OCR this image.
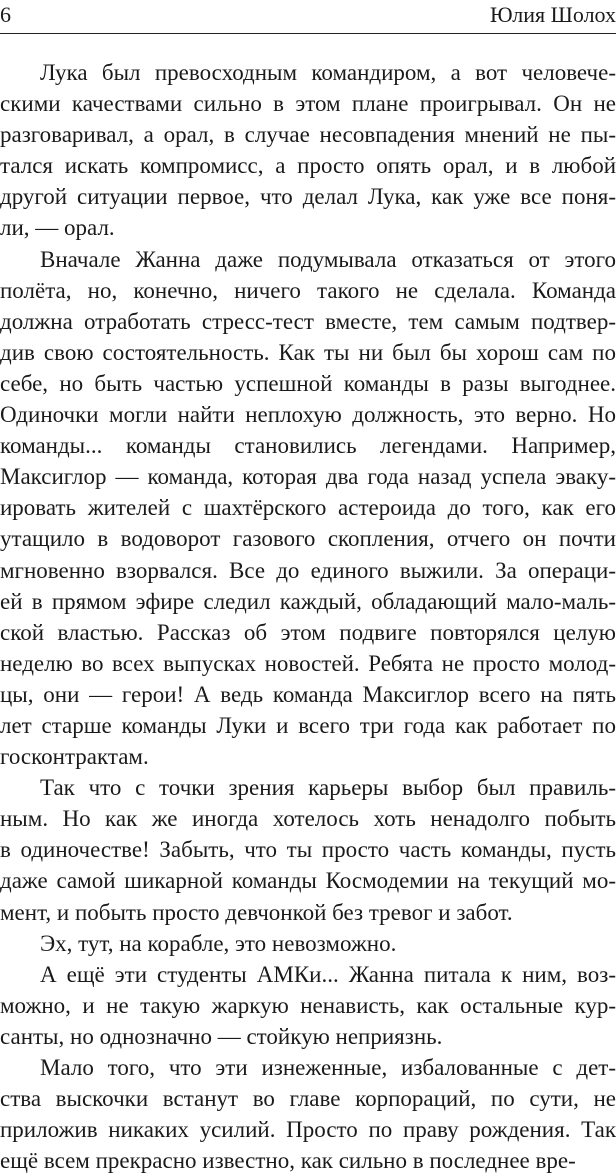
6	Юлия Шолох

Лука был превосходным командиром, а вот человече-
скими качествами сильно в этом плане проигрывал. Он не
разговаривал, а орал, в случае несовпадения мнений не пы-
тался искать компромисс, а просто опять орал, и в любой
другой ситуации первое, что делал Лука, как уже все поня-
ли, — орал.

Вначале Жанна даже подумывала отказаться от этого
полёта, но, конечно, ничего такого не сделала. Команда
должна отработать стресс-тест вместе, тем самым подтвер-
див свою состоятельность. Как ты ни был бы хорош сам по
себе, но быть частью успешной команды в разы выгоднее.
Одиночки могли найти неплохую должность, это верно. Но
команды... команды становились легендами. Например,
Максиглор — команда, которая два года назад успела эваку-
ировать жителей с шахтёрского астероида до того, как его
утащило в водоворот газового скопления, отчего он почти
мгновенно взорвался. Все до единого выжили. За операци-
ей в прямом эфире следил каждый, обладающий мало-маль-
ской властью. Рассказ об этом подвиге повторялся целую
неделю во всех выпусках новостей. Ребята не просто молод-
цы, они — герои! А ведь команда Максиглор всего на пять
лет старше команды Луки и всего три года как работает по
госконтрактам.

Так что с точки зрения карьеры выбор был правиль-
ным. Но как же иногда хотелось хоть ненадолго побыть
в одиночестве! Забыть, что ты просто часть команды, пусть
даже самой шикарной команды Космодемии на текущий мо-
мент, и побыть просто девчонкой без тревог и забот.

Эх, тут, на корабле, это невозможно.

А ещё эти студенты АМКи... Жанна питала к ним, воз-
можно, и не такую жаркую ненависть, как остальные кур-
санты, но однозначно — стойкую неприязнь.

Мало того, что эти изнеженные, избалованные с дет-
ства выскочки встанут во главе корпораций, по сути, не
приложив никаких усилий. Просто по праву рождения. Так
ещё всем прекрасно известно, как сильно в последнее вре-
